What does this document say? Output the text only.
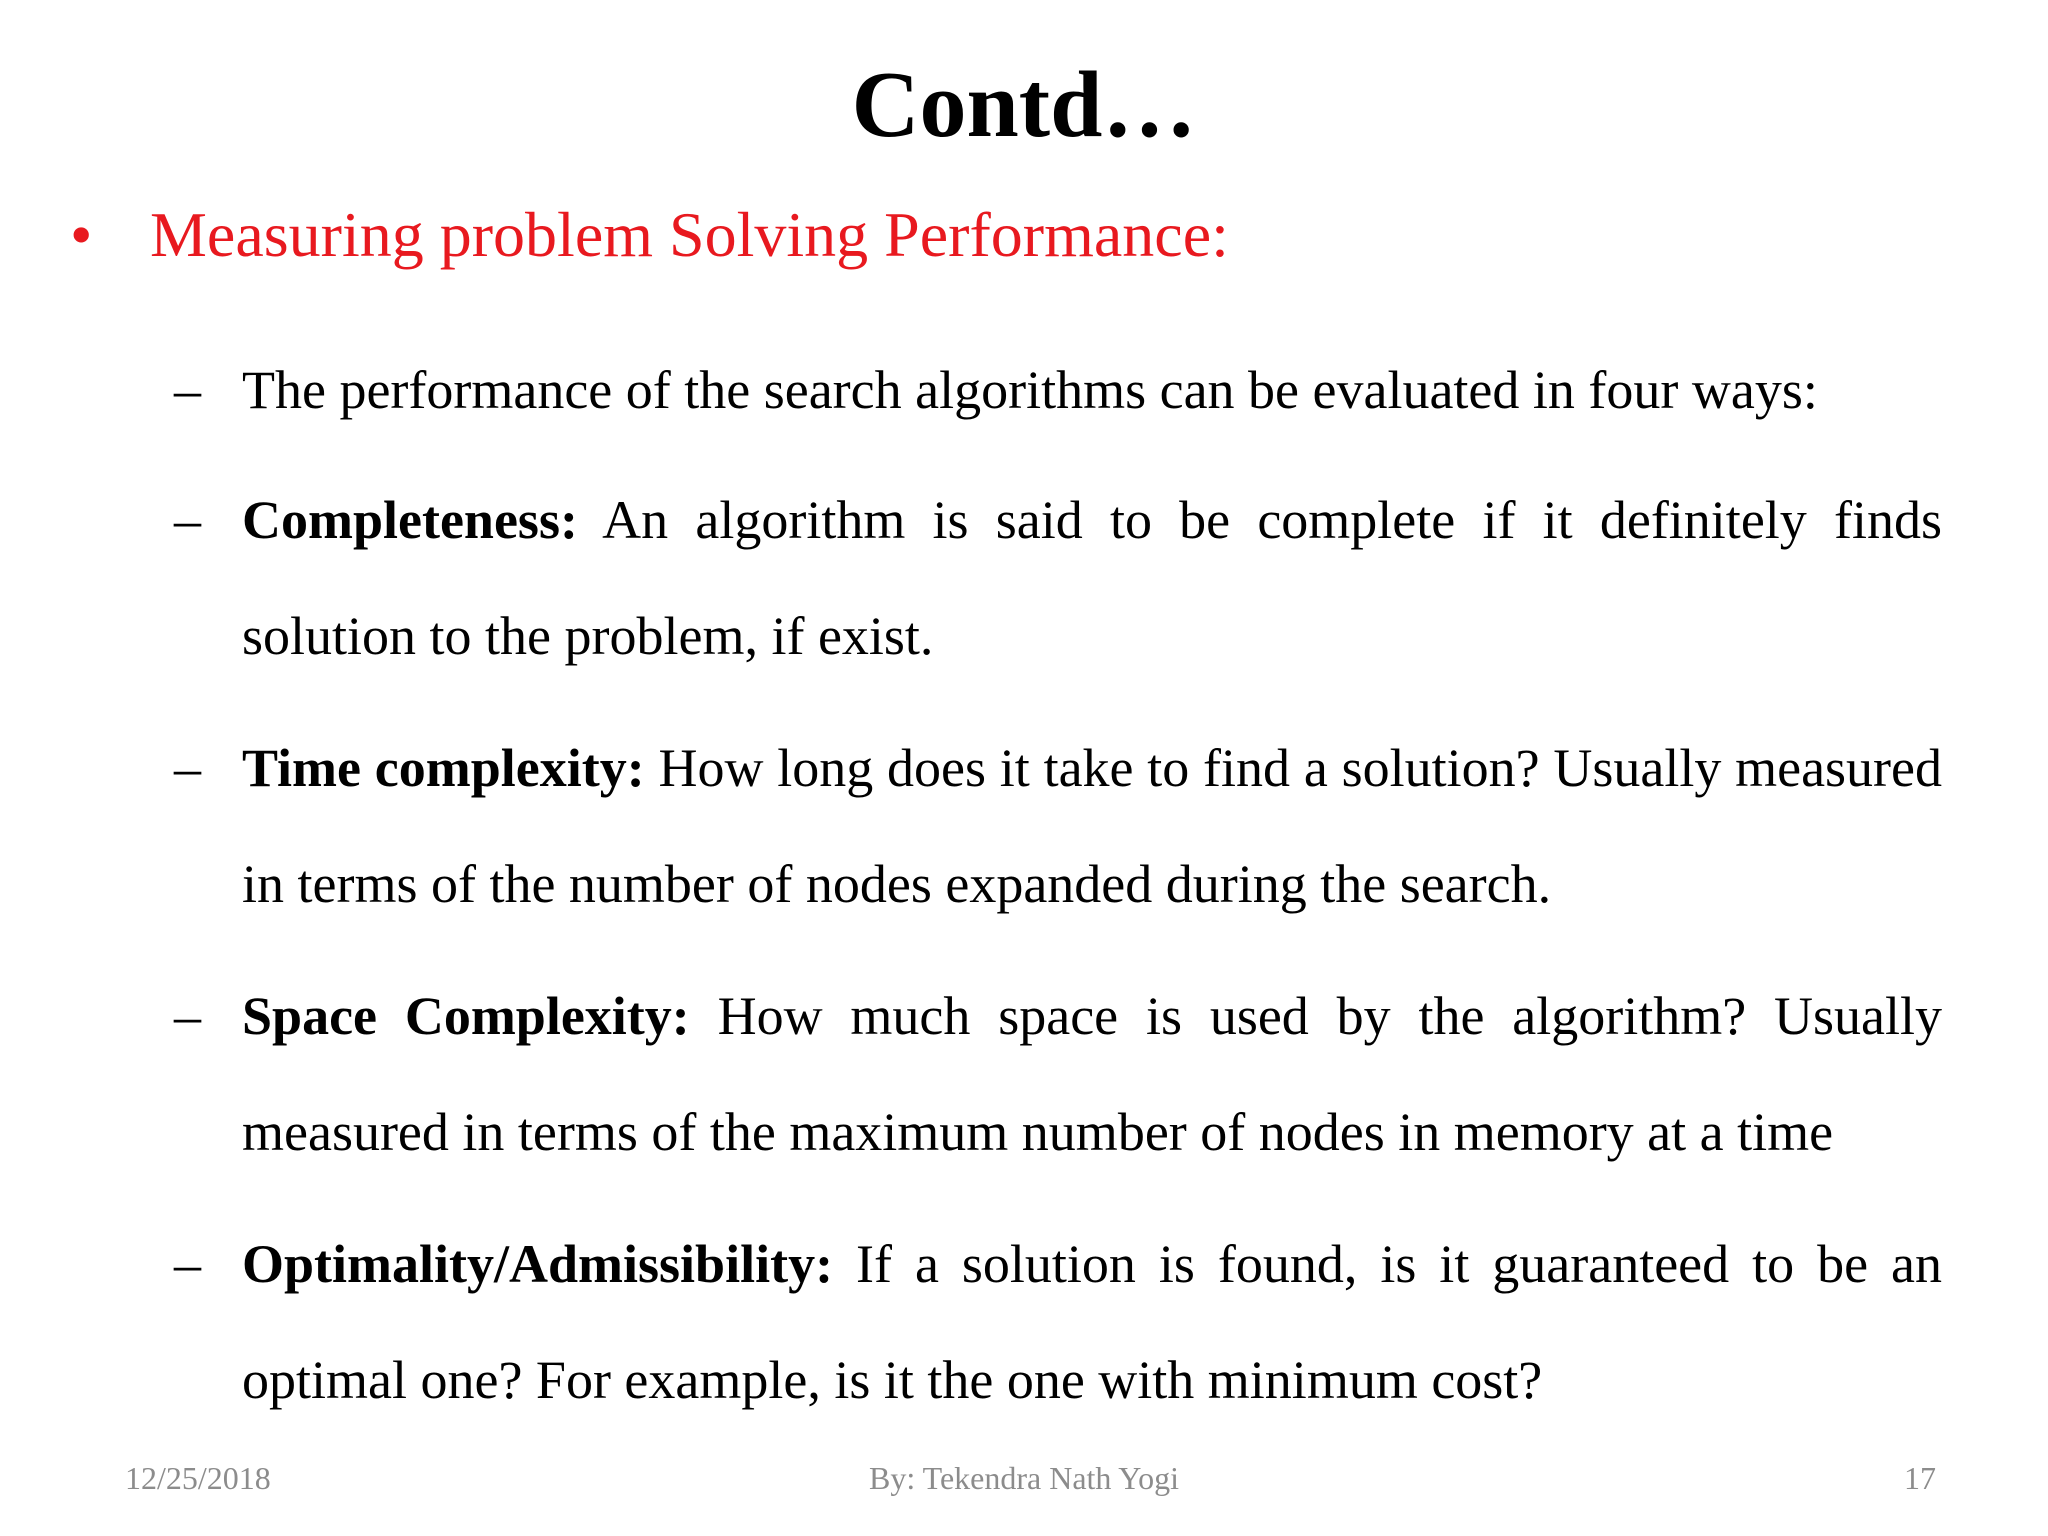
Contd…
• Measuring problem Solving Performance:
– The performance of the search algorithms can be evaluated in four ways:
– Completeness: An algorithm is said to be complete if it definitely finds solution to the problem, if exist.
– Time complexity: How long does it take to find a solution? Usually measured in terms of the number of nodes expanded during the search.
– Space Complexity: How much space is used by the algorithm? Usually measured in terms of the maximum number of nodes in memory at a time
– Optimality/Admissibility: If a solution is found, is it guaranteed to be an optimal one? For example, is it the one with minimum cost?
12/25/2018	By: Tekendra Nath Yogi	17
